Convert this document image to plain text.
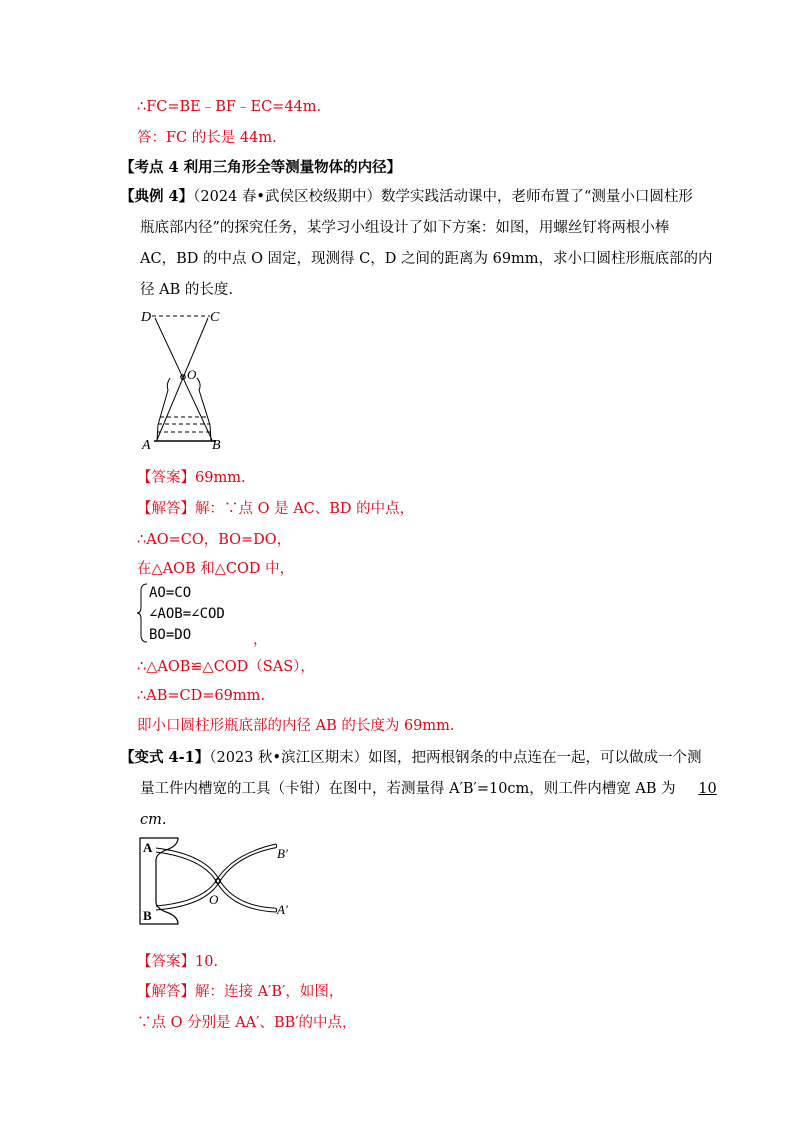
∴FC=BE﹣BF﹣EC=44m.
答：FC 的长是 44m.
【考点 4 利用三角形全等测量物体的内径】
【典例 4】（2024 春•武侯区校级期中）数学实践活动课中，老师布置了“测量小口圆柱形
瓶底部内径”的探究任务，某学习小组设计了如下方案：如图，用螺丝钉将两根小棒
AC，BD 的中点 O 固定，现测得 C，D 之间的距离为 69mm，求小口圆柱形瓶底部的内
径 AB 的长度.
D	C
O
A	B
【答案】69mm.
【解答】解：∵点 O 是 AC、BD 的中点，
∴AO=CO，BO=DO，
在△AOB 和△COD 中，
AO=CO
∠AOB=∠COD
BO=DO	，
∴△AOB≌△COD（SAS），
∴AB=CD=69mm.
即小口圆柱形瓶底部的内径 AB 的长度为 69mm.
【变式 4-1】（2023 秋•滨江区期末）如图，把两根钢条的中点连在一起，可以做成一个测
量工件内槽宽的工具（卡钳）在图中，若测量得 A′B′=10cm，则工件内槽宽 AB 为 10
cm.
A
B
O
B′
A′
【答案】10.
【解答】解：连接 A′B′，如图，
∵点 O 分别是 AA′、BB′的中点，
